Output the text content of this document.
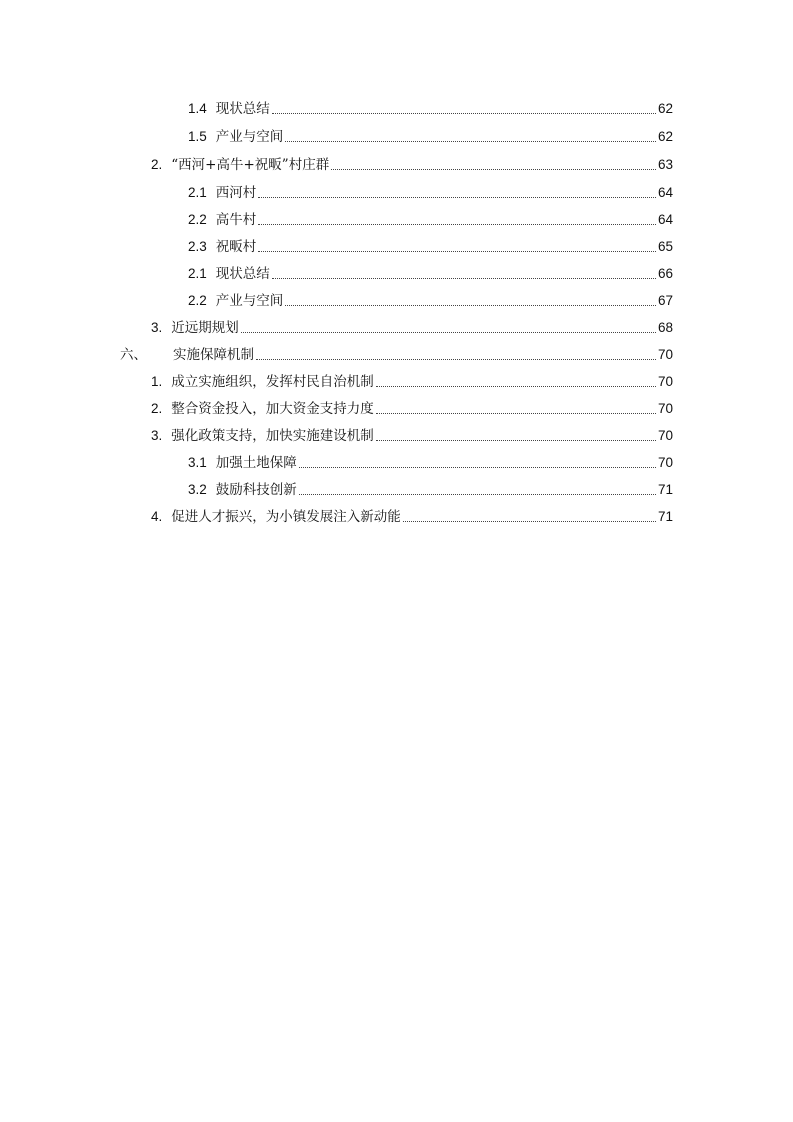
1.4 现状总结	62
1.5 产业与空间	62
2. “西河+高牛+祝畈”村庄群	63
2.1 西河村	64
2.2 高牛村	64
2.3 祝畈村	65
2.1 现状总结	66
2.2 产业与空间	67
3. 近远期规划	68
六、 实施保障机制	70
1. 成立实施组织，发挥村民自治机制	70
2. 整合资金投入，加大资金支持力度	70
3. 强化政策支持，加快实施建设机制	70
3.1 加强土地保障	70
3.2 鼓励科技创新	71
4. 促进人才振兴，为小镇发展注入新动能	71
